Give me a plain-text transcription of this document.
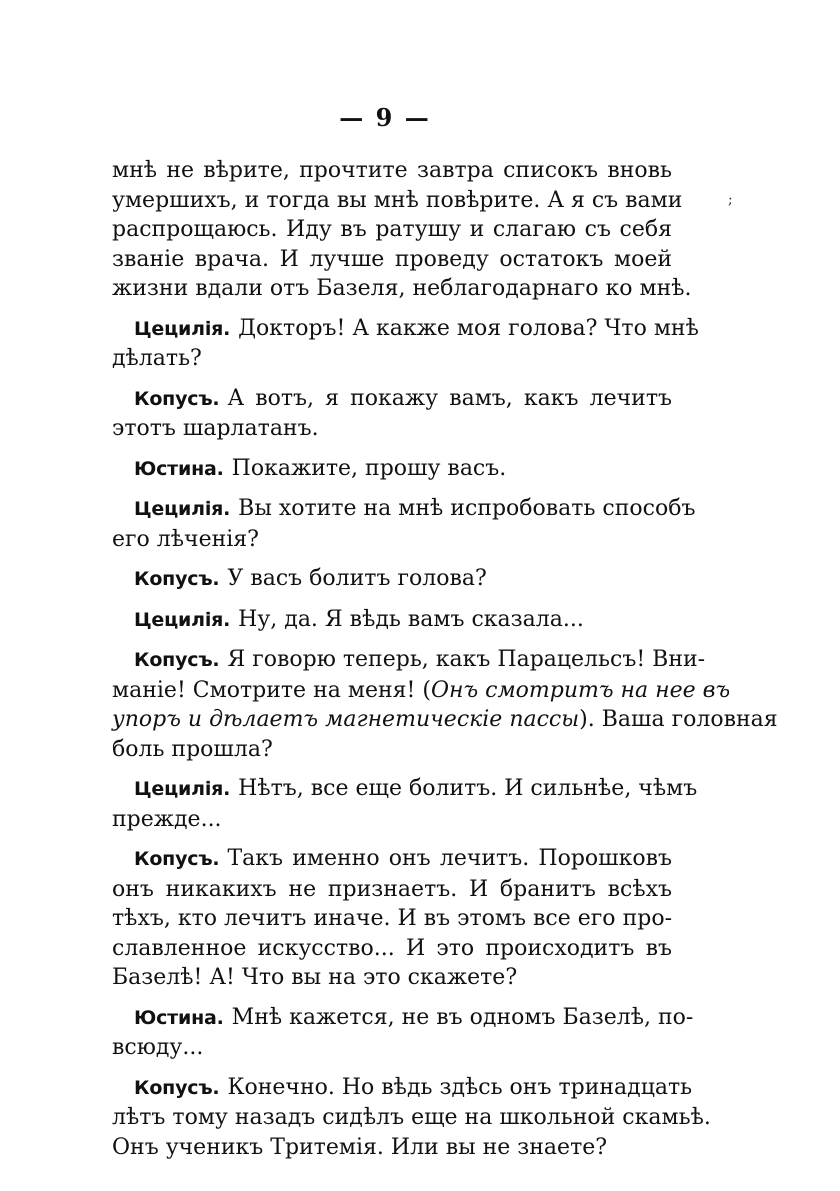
— 9 —
;
мнѣ не вѣрите, прочтите завтра списокъ вновь
умершихъ, и тогда вы мнѣ повѣрите. А я съ вами
распрощаюсь. Иду въ ратушу и слагаю съ себя
званіе врача. И лучше проведу остатокъ моей
жизни вдали отъ Базеля, неблагодарнаго ко мнѣ.
Цецилія. Докторъ! А какже моя голова? Что мнѣ
дѣлать?
Копусъ. А вотъ, я покажу вамъ, какъ лечитъ
этотъ шарлатанъ.
Юстина. Покажите, прошу васъ.
Цецилія. Вы хотите на мнѣ испробовать способъ
его лѣченія?
Копусъ. У васъ болитъ голова?
Цецилія. Ну, да. Я вѣдь вамъ сказала...
Копусъ. Я говорю теперь, какъ Парацельсъ! Вни-
маніе! Смотрите на меня! (Онъ смотритъ на нее въ
упоръ и дѣлаетъ магнетическіе пассы). Ваша головная
боль прошла?
Цецилія. Нѣтъ, все еще болитъ. И сильнѣе, чѣмъ
прежде...
Копусъ. Такъ именно онъ лечитъ. Порошковъ
онъ никакихъ не признаетъ. И бранитъ всѣхъ
тѣхъ, кто лечитъ иначе. И въ этомъ все его про-
славленное искусство... И это происходитъ въ
Базелѣ! А! Что вы на это скажете?
Юстина. Мнѣ кажется, не въ одномъ Базелѣ, по-
всюду...
Копусъ. Конечно. Но вѣдь здѣсь онъ тринадцать
лѣтъ тому назадъ сидѣлъ еще на школьной скамьѣ.
Онъ ученикъ Тритемія. Или вы не знаете?
